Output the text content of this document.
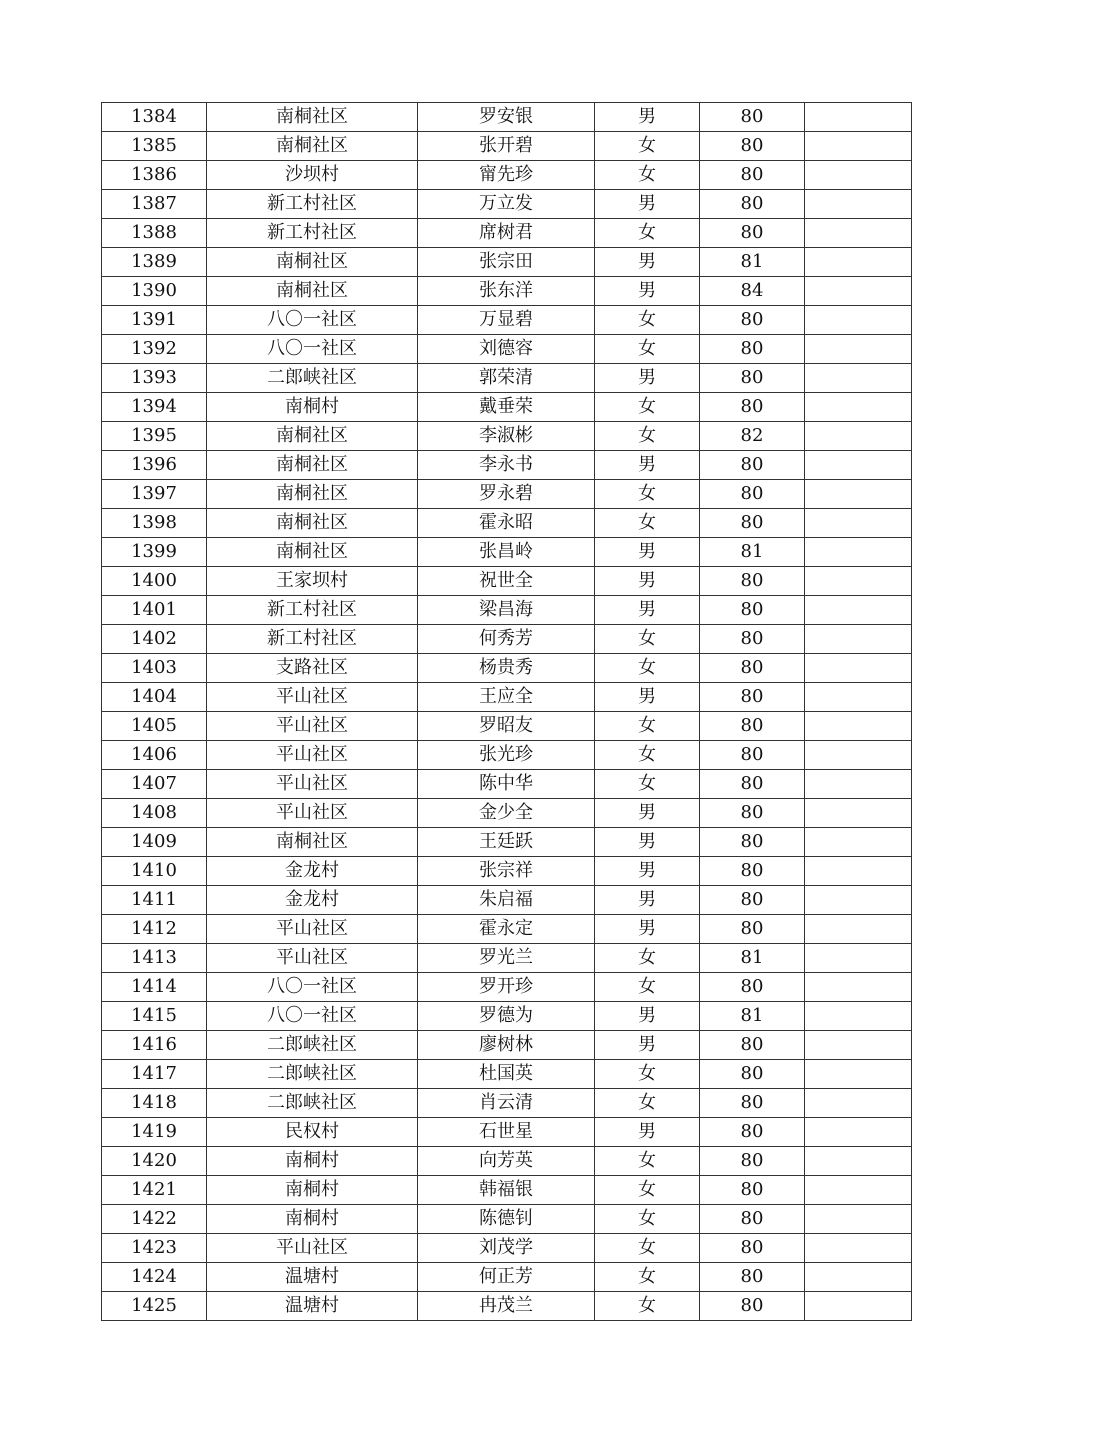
1384	南桐社区	罗安银	男	80	
1385	南桐社区	张开碧	女	80	
1386	沙坝村	甯先珍	女	80	
1387	新工村社区	万立发	男	80	
1388	新工村社区	席树君	女	80	
1389	南桐社区	张宗田	男	81	
1390	南桐社区	张东洋	男	84	
1391	八〇一社区	万显碧	女	80	
1392	八〇一社区	刘德容	女	80	
1393	二郎峡社区	郭荣清	男	80	
1394	南桐村	戴垂荣	女	80	
1395	南桐社区	李淑彬	女	82	
1396	南桐社区	李永书	男	80	
1397	南桐社区	罗永碧	女	80	
1398	南桐社区	霍永昭	女	80	
1399	南桐社区	张昌岭	男	81	
1400	王家坝村	祝世全	男	80	
1401	新工村社区	梁昌海	男	80	
1402	新工村社区	何秀芳	女	80	
1403	支路社区	杨贵秀	女	80	
1404	平山社区	王应全	男	80	
1405	平山社区	罗昭友	女	80	
1406	平山社区	张光珍	女	80	
1407	平山社区	陈中华	女	80	
1408	平山社区	金少全	男	80	
1409	南桐社区	王廷跃	男	80	
1410	金龙村	张宗祥	男	80	
1411	金龙村	朱启福	男	80	
1412	平山社区	霍永定	男	80	
1413	平山社区	罗光兰	女	81	
1414	八〇一社区	罗开珍	女	80	
1415	八〇一社区	罗德为	男	81	
1416	二郎峡社区	廖树林	男	80	
1417	二郎峡社区	杜国英	女	80	
1418	二郎峡社区	肖云清	女	80	
1419	民权村	石世星	男	80	
1420	南桐村	向芳英	女	80	
1421	南桐村	韩福银	女	80	
1422	南桐村	陈德钊	女	80	
1423	平山社区	刘茂学	女	80	
1424	温塘村	何正芳	女	80	
1425	温塘村	冉茂兰	女	80	
